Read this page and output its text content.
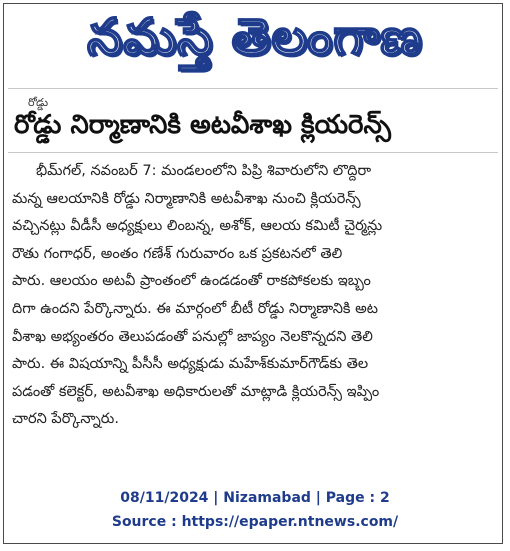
నమస్తే తెలంగాణ
రోడ్డు
రోడ్డు నిర్మాణానికి అటవీశాఖ క్లియరెన్స్
భీమ్‌గల్, నవంబర్ 7: మండలంలోని పిప్రి శివారులోని లొద్దిరా
మన్న ఆలయానికి రోడ్డు నిర్మాణానికి అటవీశాఖ నుంచి క్లియరెన్స్
వచ్చినట్లు వీడీసీ అధ్యక్షులు లింబన్న, అశోక్, ఆలయ కమిటీ చైర్మన్లు
రౌతు గంగాధర్, అంతం గణేశ్ గురువారం ఒక ప్రకటనలో తెలి
పారు. ఆలయం అటవీ ప్రాంతంలో ఉండడంతో రాకపోకలకు ఇబ్బం
దిగా ఉందని పేర్కొన్నారు. ఈ మార్గంలో బీటీ రోడ్డు నిర్మాణానికి అట
వీశాఖ అభ్యంతరం తెలుపడంతో పనుల్లో జాప్యం నెలకొన్నదని తెలి
పారు. ఈ విషయాన్ని పీసీసీ అధ్యక్షుడు మహేశ్‌కుమార్‌గౌడ్‌కు తెల
పడంతో కలెక్టర్, అటవీశాఖ అధికారులతో మాట్లాడి క్లియరెన్స్ ఇప్పిం
చారని పేర్కొన్నారు.
08/11/2024 | Nizamabad | Page : 2
Source : https://epaper.ntnews.com/
